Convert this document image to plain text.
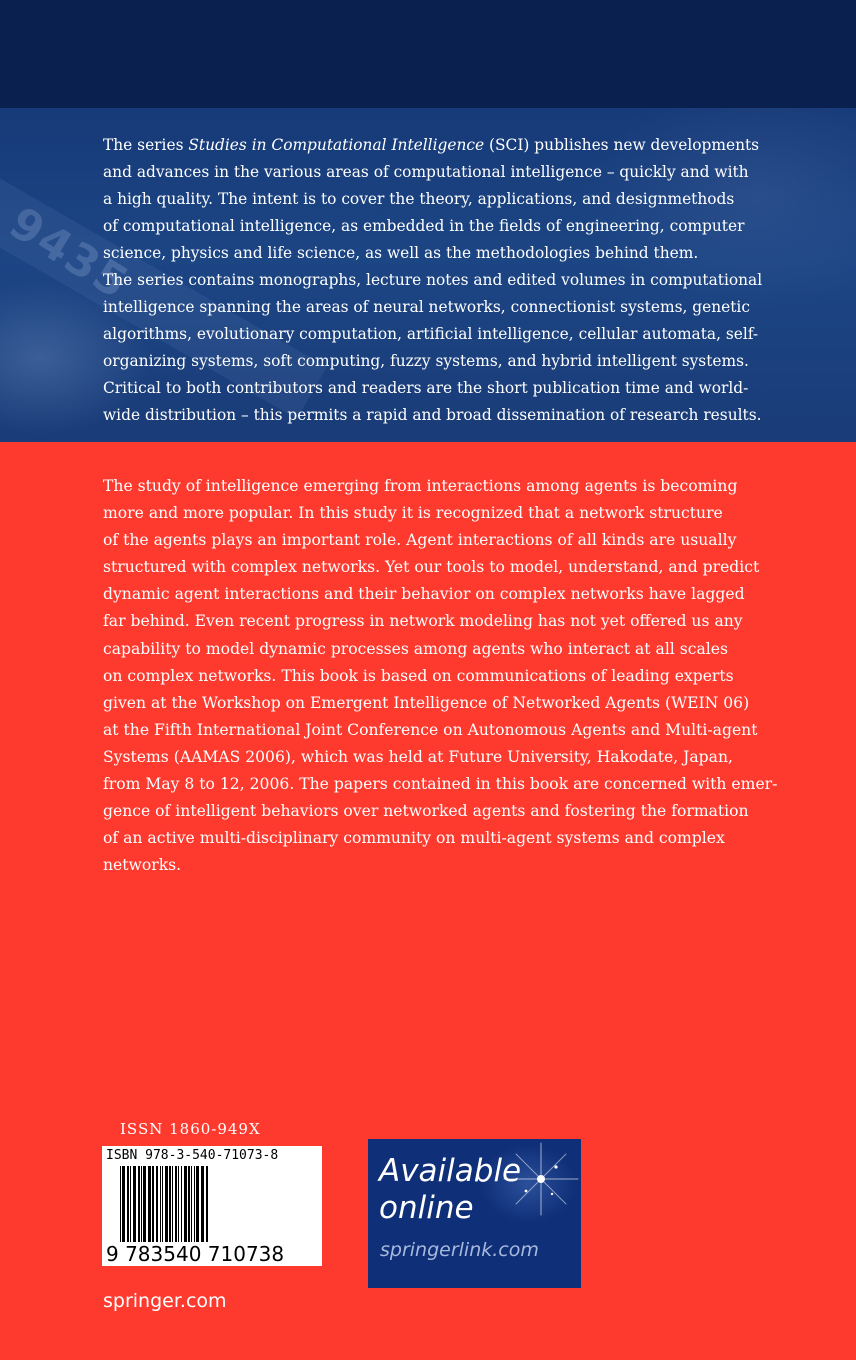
9435

The series Studies in Computational Intelligence (SCI) publishes new developments
and advances in the various areas of computational intelligence – quickly and with
a high quality. The intent is to cover the theory, applications, and designmethods
of computational intelligence, as embedded in the fields of engineering, computer
science, physics and life science, as well as the methodologies behind them.

The series contains monographs, lecture notes and edited volumes in computational
intelligence spanning the areas of neural networks, connectionist systems, genetic
algorithms, evolutionary computation, artificial intelligence, cellular automata, self-
organizing systems, soft computing, fuzzy systems, and hybrid intelligent systems.
Critical to both contributors and readers are the short publication time and world-
wide distribution – this permits a rapid and broad dissemination of research results.

The study of intelligence emerging from interactions among agents is becoming
more and more popular. In this study it is recognized that a network structure
of the agents plays an important role. Agent interactions of all kinds are usually
structured with complex networks. Yet our tools to model, understand, and predict
dynamic agent interactions and their behavior on complex networks have lagged
far behind. Even recent progress in network modeling has not yet offered us any
capability to model dynamic processes among agents who interact at all scales
on complex networks. This book is based on communications of leading experts
given at the Workshop on Emergent Intelligence of Networked Agents (WEIN 06)
at the Fifth International Joint Conference on Autonomous Agents and Multi-agent
Systems (AAMAS 2006), which was held at Future University, Hakodate, Japan,
from May 8 to 12, 2006. The papers contained in this book are concerned with emer-
gence of intelligent behaviors over networked agents and fostering the formation
of an active multi-disciplinary community on multi-agent systems and complex
networks.
ISSN 1860-949X
ISBN 978-3-540-71073-8
9 783540 710738
springer.com
Available
online
springerlink.com
